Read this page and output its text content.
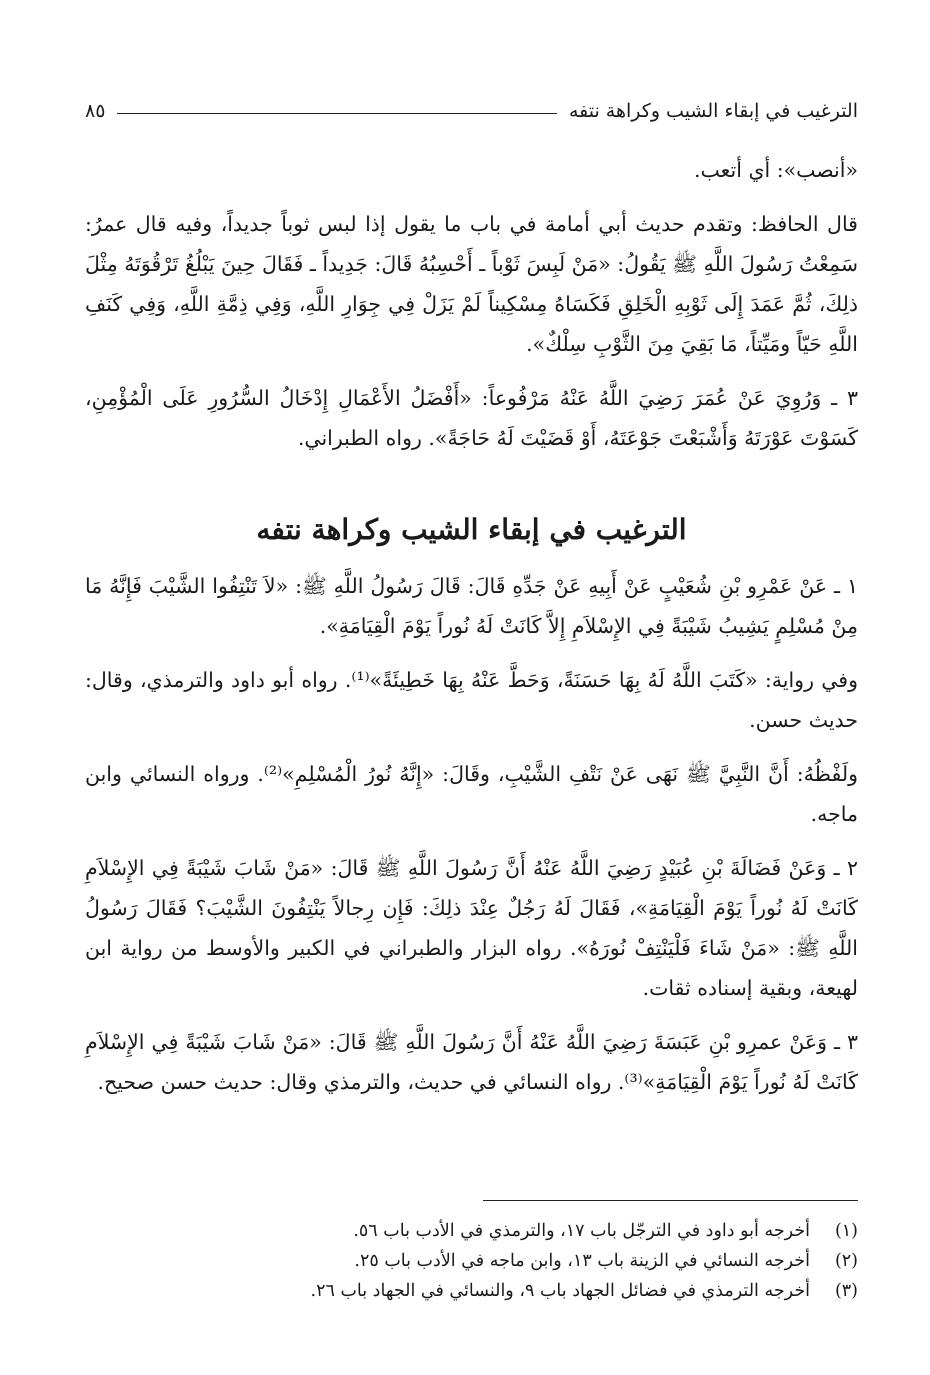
الترغيب في إبقاء الشيب وكراهة نتفه
٨٥

«أنصب»: أي أتعب.

قال الحافظ: وتقدم حديث أبي أمامة في باب ما يقول إذا لبس ثوباً جديداً، وفيه قال عمرُ: سَمِعْتُ رَسُولَ اللَّهِ ﷺ يَقُولُ: «مَنْ لَبِسَ ثَوْباً ـ أَحْسِبُهُ قَالَ: جَدِيداً ـ فَقَالَ حِينَ يَبْلُغُ تَرْقُوَتَهُ مِثْلَ ذلِكَ، ثُمَّ عَمَدَ إِلَى ثَوْبِهِ الْخَلِقِ فَكَسَاهُ مِسْكِيناً لَمْ يَزَلْ فِي جِوَارِ اللَّهِ، وَفِي ذِمَّةِ اللَّهِ، وَفِي كَنَفِ اللَّهِ حَيّاً ومَيِّتاً، مَا بَقِيَ مِنَ الثَّوْبِ سِلْكٌ».

٣ ـ وَرُوِيَ عَنْ عُمَرَ رَضِيَ اللَّهُ عَنْهُ مَرْفُوعاً: «أَفْضَلُ الأَعْمَالِ إِدْخَالُ السُّرُورِ عَلَى الْمُؤْمِنِ، كَسَوْتَ عَوْرَتَهُ وَأَشْبَعْتَ جَوْعَتَهُ، أَوْ قَضَيْتَ لَهُ حَاجَةً». رواه الطبراني.

الترغيب في إبقاء الشيب وكراهة نتفه

١ ـ عَنْ عَمْرِو بْنِ شُعَيْبٍ عَنْ أَبِيهِ عَنْ جَدِّهِ قَالَ: قَالَ رَسُولُ اللَّهِ ﷺ: «لاَ تَنْتِفُوا الشَّيْبَ فَإِنَّهُ مَا مِنْ مُسْلِمٍ يَشِيبُ شَيْبَةً فِي الإِسْلاَمِ إِلاَّ كَانَتْ لَهُ نُوراً يَوْمَ الْقِيَامَةِ».

وفي رواية: «كَتَبَ اللَّهُ لَهُ بِهَا حَسَنَةً، وَحَطَّ عَنْهُ بِهَا خَطِيئَةً»⁽¹⁾. رواه أبو داود والترمذي، وقال: حديث حسن.

ولَفْظُهُ: أَنَّ النَّبِيَّ ﷺ نَهَى عَنْ نَتْفِ الشَّيْبِ، وقَالَ: «إِنَّهُ نُورُ الْمُسْلِمِ»⁽²⁾. ورواه النسائي وابن ماجه.

٢ ـ وَعَنْ فَضَالَةَ بْنِ عُبَيْدٍ رَضِيَ اللَّهُ عَنْهُ أَنَّ رَسُولَ اللَّهِ ﷺ قَالَ: «مَنْ شَابَ شَيْبَةً فِي الإِسْلاَمِ كَانَتْ لَهُ نُوراً يَوْمَ الْقِيَامَةِ»، فَقَالَ لَهُ رَجُلٌ عِنْدَ ذلِكَ: فَإِن رِجالاً يَنْتِفُونَ الشَّيْبَ؟ فَقَالَ رَسُولُ اللَّهِ ﷺ: «مَنْ شَاءَ فَلْيَنْتِفْ نُورَهُ». رواه البزار والطبراني في الكبير والأوسط من رواية ابن لهيعة، وبقية إسناده ثقات.

٣ ـ وَعَنْ عمرِو بْنِ عَبَسَةَ رَضِيَ اللَّهُ عَنْهُ أَنَّ رَسُولَ اللَّهِ ﷺ قَالَ: «مَنْ شَابَ شَيْبَةً فِي الإِسْلاَمِ كَانَتْ لَهُ نُوراً يَوْمَ الْقِيَامَةِ»⁽³⁾. رواه النسائي في حديث، والترمذي وقال: حديث حسن صحيح.

(١)
أخرجه أبو داود في الترجّل باب ١٧، والترمذي في الأدب باب ٥٦.
(٢)
أخرجه النسائي في الزينة باب ١٣، وابن ماجه في الأدب باب ٢٥.
(٣)
أخرجه الترمذي في فضائل الجهاد باب ٩، والنسائي في الجهاد باب ٢٦.
